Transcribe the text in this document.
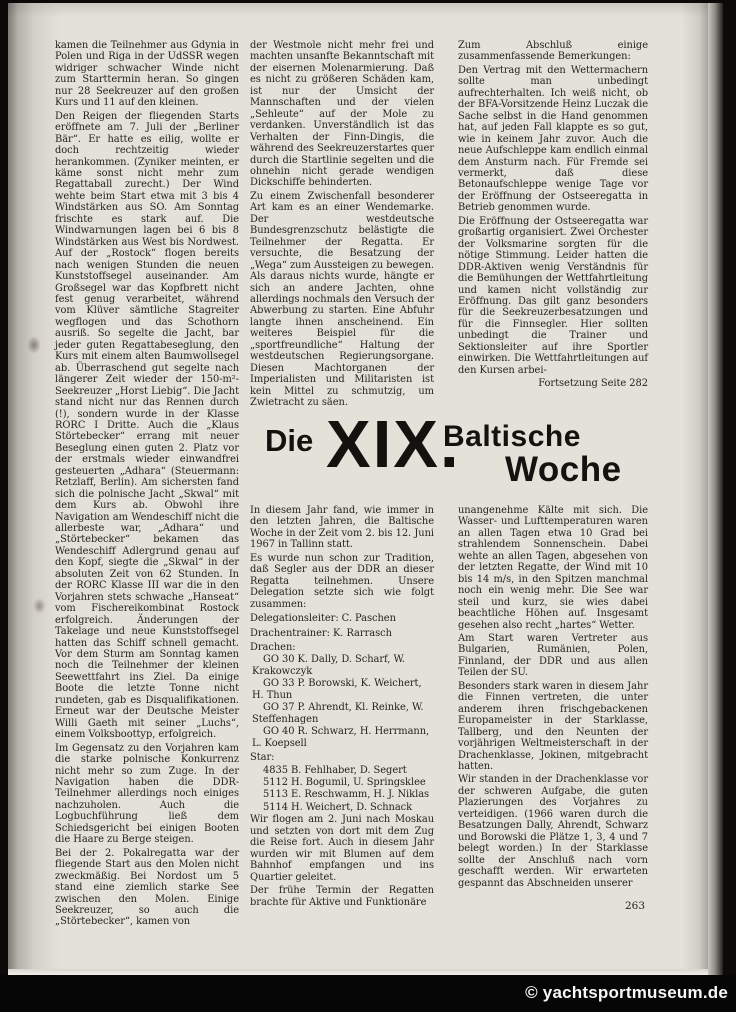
kamen die Teilnehmer aus Gdynia in Polen und Riga in der UdSSR wegen widriger schwacher Winde nicht zum Starttermin heran. So gingen nur 28 Seekreuzer auf den großen Kurs und 11 auf den kleinen.

Den Reigen der fliegenden Starts eröffnete am 7. Juli der „Berliner Bär“. Er hatte es eilig, wollte er doch rechtzeitig wieder herankommen. (Zyniker meinten, er käme sonst nicht mehr zum Regattaball zurecht.) Der Wind wehte beim Start etwa mit 3 bis 4 Windstärken aus SO. Am Sonntag frischte es stark auf. Die Windwarnungen lagen bei 6 bis 8 Windstärken aus West bis Nordwest. Auf der „Rostock“ flogen bereits nach wenigen Stunden die neuen Kunststoffsegel auseinander. Am Großsegel war das Kopfbrett nicht fest genug verarbeitet, während vom Klüver sämtliche Stagreiter wegflogen und das Schothorn ausriß. So segelte die Jacht, bar jeder guten Regattabeseglung, den Kurs mit einem alten Baumwollsegel ab. Überraschend gut segelte nach längerer Zeit wieder der 150-m²-Seekreuzer „Horst Liebig“. Die Jacht stand nicht nur das Rennen durch (!), sondern wurde in der Klasse RORC I Dritte. Auch die „Klaus Störtebecker“ errang mit neuer Beseglung einen guten 2. Platz vor der erstmals wieder einwandfrei gesteuerten „Adhara“ (Steuermann: Retzlaff, Berlin). Am sichersten fand sich die polnische Jacht „Skwal“ mit dem Kurs ab. Obwohl ihre Navigation am Wendeschiff nicht die allerbeste war, „Adhara“ und „Störtebecker“ bekamen das Wendeschiff Adlergrund genau auf den Kopf, siegte die „Skwal“ in der absoluten Zeit von 62 Stunden. In der RORC Klasse III war die in den Vorjahren stets schwache „Hanseat“ vom Fischereikombinat Rostock erfolgreich. Änderungen der Takelage und neue Kunststoffsegel hatten das Schiff schnell gemacht. Vor dem Sturm am Sonntag kamen noch die Teilnehmer der kleinen Seewettfahrt ins Ziel. Da einige Boote die letzte Tonne nicht rundeten, gab es Disqualifikationen. Erneut war der Deutsche Meister Willi Gaeth mit seiner „Luchs“, einem Volksboottyp, erfolgreich.

Im Gegensatz zu den Vorjahren kam die starke polnische Konkurrenz nicht mehr so zum Zuge. In der Navigation haben die DDR-Teilnehmer allerdings noch einiges nachzuholen. Auch die Logbuchführung ließ dem Schiedsgericht bei einigen Booten die Haare zu Berge steigen.

Bei der 2. Pokalregatta war der fliegende Start aus den Molen nicht zweckmäßig. Bei Nordost um 5 stand eine ziemlich starke See zwischen den Molen. Einige Seekreuzer, so auch die „Störtebecker“, kamen von

der Westmole nicht mehr frei und machten unsanfte Bekanntschaft mit der eisernen Molenarmierung. Daß es nicht zu größeren Schäden kam, ist nur der Umsicht der Mannschaften und der vielen „Sehleute“ auf der Mole zu verdanken. Unverständlich ist das Verhalten der Finn-Dingis, die während des Seekreuzerstartes quer durch die Startlinie segelten und die ohnehin nicht gerade wendigen Dickschiffe behinderten.

Zu einem Zwischenfall besonderer Art kam es an einer Wendemarke. Der westdeutsche Bundesgrenzschutz belästigte die Teilnehmer der Regatta. Er versuchte, die Besatzung der „Wega“ zum Aussteigen zu bewegen. Als daraus nichts wurde, hängte er sich an andere Jachten, ohne allerdings nochmals den Versuch der Abwerbung zu starten. Eine Abfuhr langte ihnen anscheinend. Ein weiteres Beispiel für die „sportfreundliche“ Haltung der westdeutschen Regierungsorgane. Diesen Machtorganen der Imperialisten und Militaristen ist kein Mittel zu schmutzig, um Zwietracht zu säen.

Zum Abschluß einige zusammenfassende Bemerkungen:

Den Vertrag mit den Wettermachern sollte man unbedingt aufrechterhalten. Ich weiß nicht, ob der BFA-Vorsitzende Heinz Luczak die Sache selbst in die Hand genommen hat, auf jeden Fall klappte es so gut, wie in keinem Jahr zuvor. Auch die neue Aufschleppe kam endlich einmal dem Ansturm nach. Für Fremde sei vermerkt, daß diese Betonaufschleppe wenige Tage vor der Eröffnung der Ostseeregatta in Betrieb genommen wurde.

Die Eröffnung der Ostseeregatta war großartig organisiert. Zwei Orchester der Volksmarine sorgten für die nötige Stimmung. Leider hatten die DDR-Aktiven wenig Verständnis für die Bemühungen der Wettfahrtleitung und kamen nicht vollständig zur Eröffnung. Das gilt ganz besonders für die Seekreuzerbesatzungen und für die Finnsegler. Hier sollten unbedingt die Trainer und Sektionsleiter auf ihre Sportler einwirken. Die Wettfahrtleitungen auf den Kursen arbei-

Fortsetzung Seite 282

Die XIX.
Baltische
Woche

In diesem Jahr fand, wie immer in den letzten Jahren, die Baltische Woche in der Zeit vom 2. bis 12. Juni 1967 in Tallinn statt.

Es wurde nun schon zur Tradition, daß Segler aus der DDR an dieser Regatta teilnehmen. Unsere Delegation setzte sich wie folgt zusammen:

Delegationsleiter: C. Paschen

Drachentrainer: K. Rarrasch

Drachen:

GO 30 K. Dally, D. Scharf, W. Krakowczyk

GO 33 P. Borowski, K. Weichert, H. Thun

GO 37 P. Ahrendt, Kl. Reinke, W. Steffenhagen

GO 40 R. Schwarz, H. Herrmann, L. Koepsell

Star:

4835 B. Fehlhaber, D. Segert

5112 H. Bogumil, U. Springsklee

5113 E. Reschwamm, H. J. Niklas

5114 H. Weichert, D. Schnack

Wir flogen am 2. Juni nach Moskau und setzten von dort mit dem Zug die Reise fort. Auch in diesem Jahr wurden wir mit Blumen auf dem Bahnhof empfangen und ins Quartier geleitet.

Der frühe Termin der Regatten brachte für Aktive und Funktionäre

unangenehme Kälte mit sich. Die Wasser- und Lufttemperaturen waren an allen Tagen etwa 10 Grad bei strahlendem Sonnenschein. Dabei wehte an allen Tagen, abgesehen von der letzten Regatte, der Wind mit 10 bis 14 m/s, in den Spitzen manchmal noch ein wenig mehr. Die See war steil und kurz, sie wies dabei beachtliche Höhen auf. Insgesamt gesehen also recht „hartes“ Wetter.

Am Start waren Vertreter aus Bulgarien, Rumänien, Polen, Finnland, der DDR und aus allen Teilen der SU.

Besonders stark waren in diesem Jahr die Finnen vertreten, die unter anderem ihren frischgebackenen Europameister in der Starklasse, Tallberg, und den Neunten der vorjährigen Weltmeisterschaft in der Drachenklasse, Jokinen, mitgebracht hatten.

Wir standen in der Drachenklasse vor der schweren Aufgabe, die guten Plazierungen des Vorjahres zu verteidigen. (1966 waren durch die Besatzungen Dally, Ahrendt, Schwarz und Borowski die Plätze 1, 3, 4 und 7 belegt worden.) In der Starklasse sollte der Anschluß nach vorn geschafft werden. Wir erwarteten gespannt das Abschneiden unserer

263
© yachtsportmuseum.de
